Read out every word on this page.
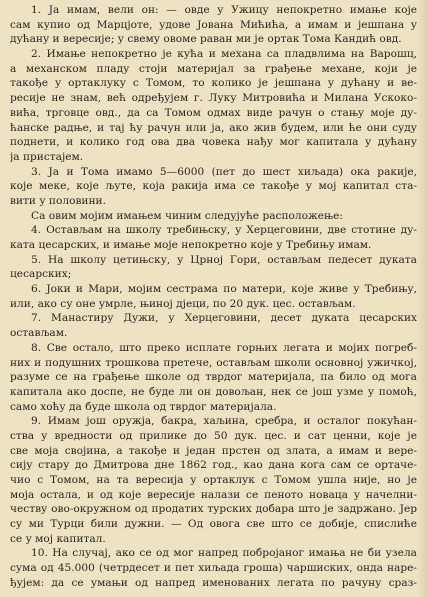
1. Ја имам, вели он: — овде у Ужицу непокретно имање које
сам купио од Марцјоте, удове Јована Мићића, а имам и јешпана у
дућану и вересије; у свему овоме раван ми је ортак Тома Кандић овд.
2. Имање непокретно је кућа и механа са пладвлима на Варошц,
а механском пладу стоји материјал за грађење механе, који је
такође у ортаклуку с Томом, то колико је јешпана у дућану и ве-
ресије не знам, већ одређујем г. Луку Митровића и Милана Ускоко-
вића, трговце овд., да са Томом одмах виде рачун о стању моје ду-
ћанске радње, и тај ћу рачун или ја, ако жив будем, или ће они суду
поднети, и колико год ова два човека нађу мог капитала у дућану
ја пристајем.
3. Ја и Тома имамо 5—6000 (пет до шест хиљада) ока ракије,
које меке, које љуте, која ракија има се такође у мој капитал ста-
вити у половини.
Са овим мојим имањем чиним следујуће расположење:
4. Остављам на школу требињску, у Херцеговини, две стотине ду-
ката цесарских, и имање моје непокретно које у Требињу имам.
5. На школу цетињску, у Црној Гори, остављам педесет дуката
цесарских;
6. Јоки и Мари, мојим сестрама по матери, које живе у Требињу,
или, ако су оне умрле, њиној дјеци, по 20 дук. цес. остављам.
7. Манастиру Дужи, у Херцеговини, десет дуката цесарских
остављам.
8. Све остало, што преко исплате горњих легата и мојих погреб-
них и подушних трошкова претече, остављам школи основној ужичкој,
разуме се на грађење школе од тврдог материјала, па било од мога
капитала ако доспе, не буде ли он довољан, нек се још узме у помоћ,
само хоћу да буде школа од тврдог материјала.
9. Имам још оружја, бакра, хаљина, сребра, и осталог покућан-
ства у вредности од прилике до 50 дук. цес. и сат ценни, које је
све моја својина, а такође и један прстен од злата, а имам и вере-
сију стару до Дмитрова дне 1862 год., као дана кога сам се ортаче-
чио с Томом, на та вересија у ортаклук с Томом ушла није, но је
моја остала, и од које вересије налази се пеното новаца у начелни-
честву ово-окружном од продатих турских добара што је задржано. Јер
су ми Турци били дужни. — Од овога све што се добије, спислиће
се у мој капитал.
10. На случај, ако се од мог напред побројаног имања не би узела
сума од 45.000 (четрдесет и пет хиљада гроша) чаршиских, онда наре-
ђујем: да се умањи од напред именованих легата по рачуну сраз-
